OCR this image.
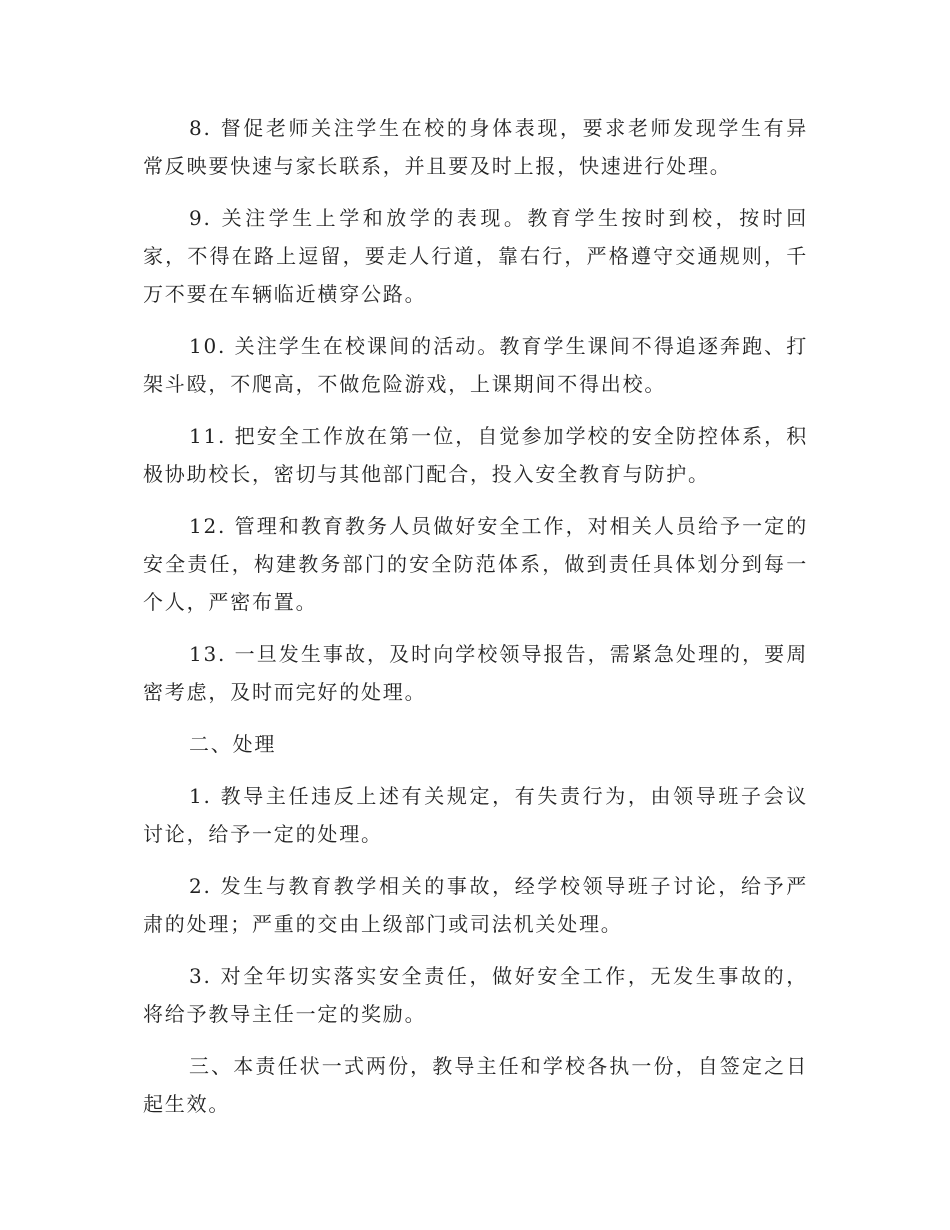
8. 督促老师关注学生在校的身体表现，要求老师发现学生有异常反映要快速与家长联系，并且要及时上报，快速进行处理。

9. 关注学生上学和放学的表现。教育学生按时到校，按时回家，不得在路上逗留，要走人行道，靠右行，严格遵守交通规则，千万不要在车辆临近横穿公路。

10. 关注学生在校课间的活动。教育学生课间不得追逐奔跑、打架斗殴，不爬高，不做危险游戏，上课期间不得出校。

11. 把安全工作放在第一位，自觉参加学校的安全防控体系，积极协助校长，密切与其他部门配合，投入安全教育与防护。

12. 管理和教育教务人员做好安全工作，对相关人员给予一定的安全责任，构建教务部门的安全防范体系，做到责任具体划分到每一个人，严密布置。

13. 一旦发生事故，及时向学校领导报告，需紧急处理的，要周密考虑，及时而完好的处理。

二、处理

1. 教导主任违反上述有关规定，有失责行为，由领导班子会议讨论，给予一定的处理。

2. 发生与教育教学相关的事故，经学校领导班子讨论，给予严肃的处理；严重的交由上级部门或司法机关处理。

3. 对全年切实落实安全责任，做好安全工作，无发生事故的，将给予教导主任一定的奖励。

三、本责任状一式两份，教导主任和学校各执一份，自签定之日起生效。
